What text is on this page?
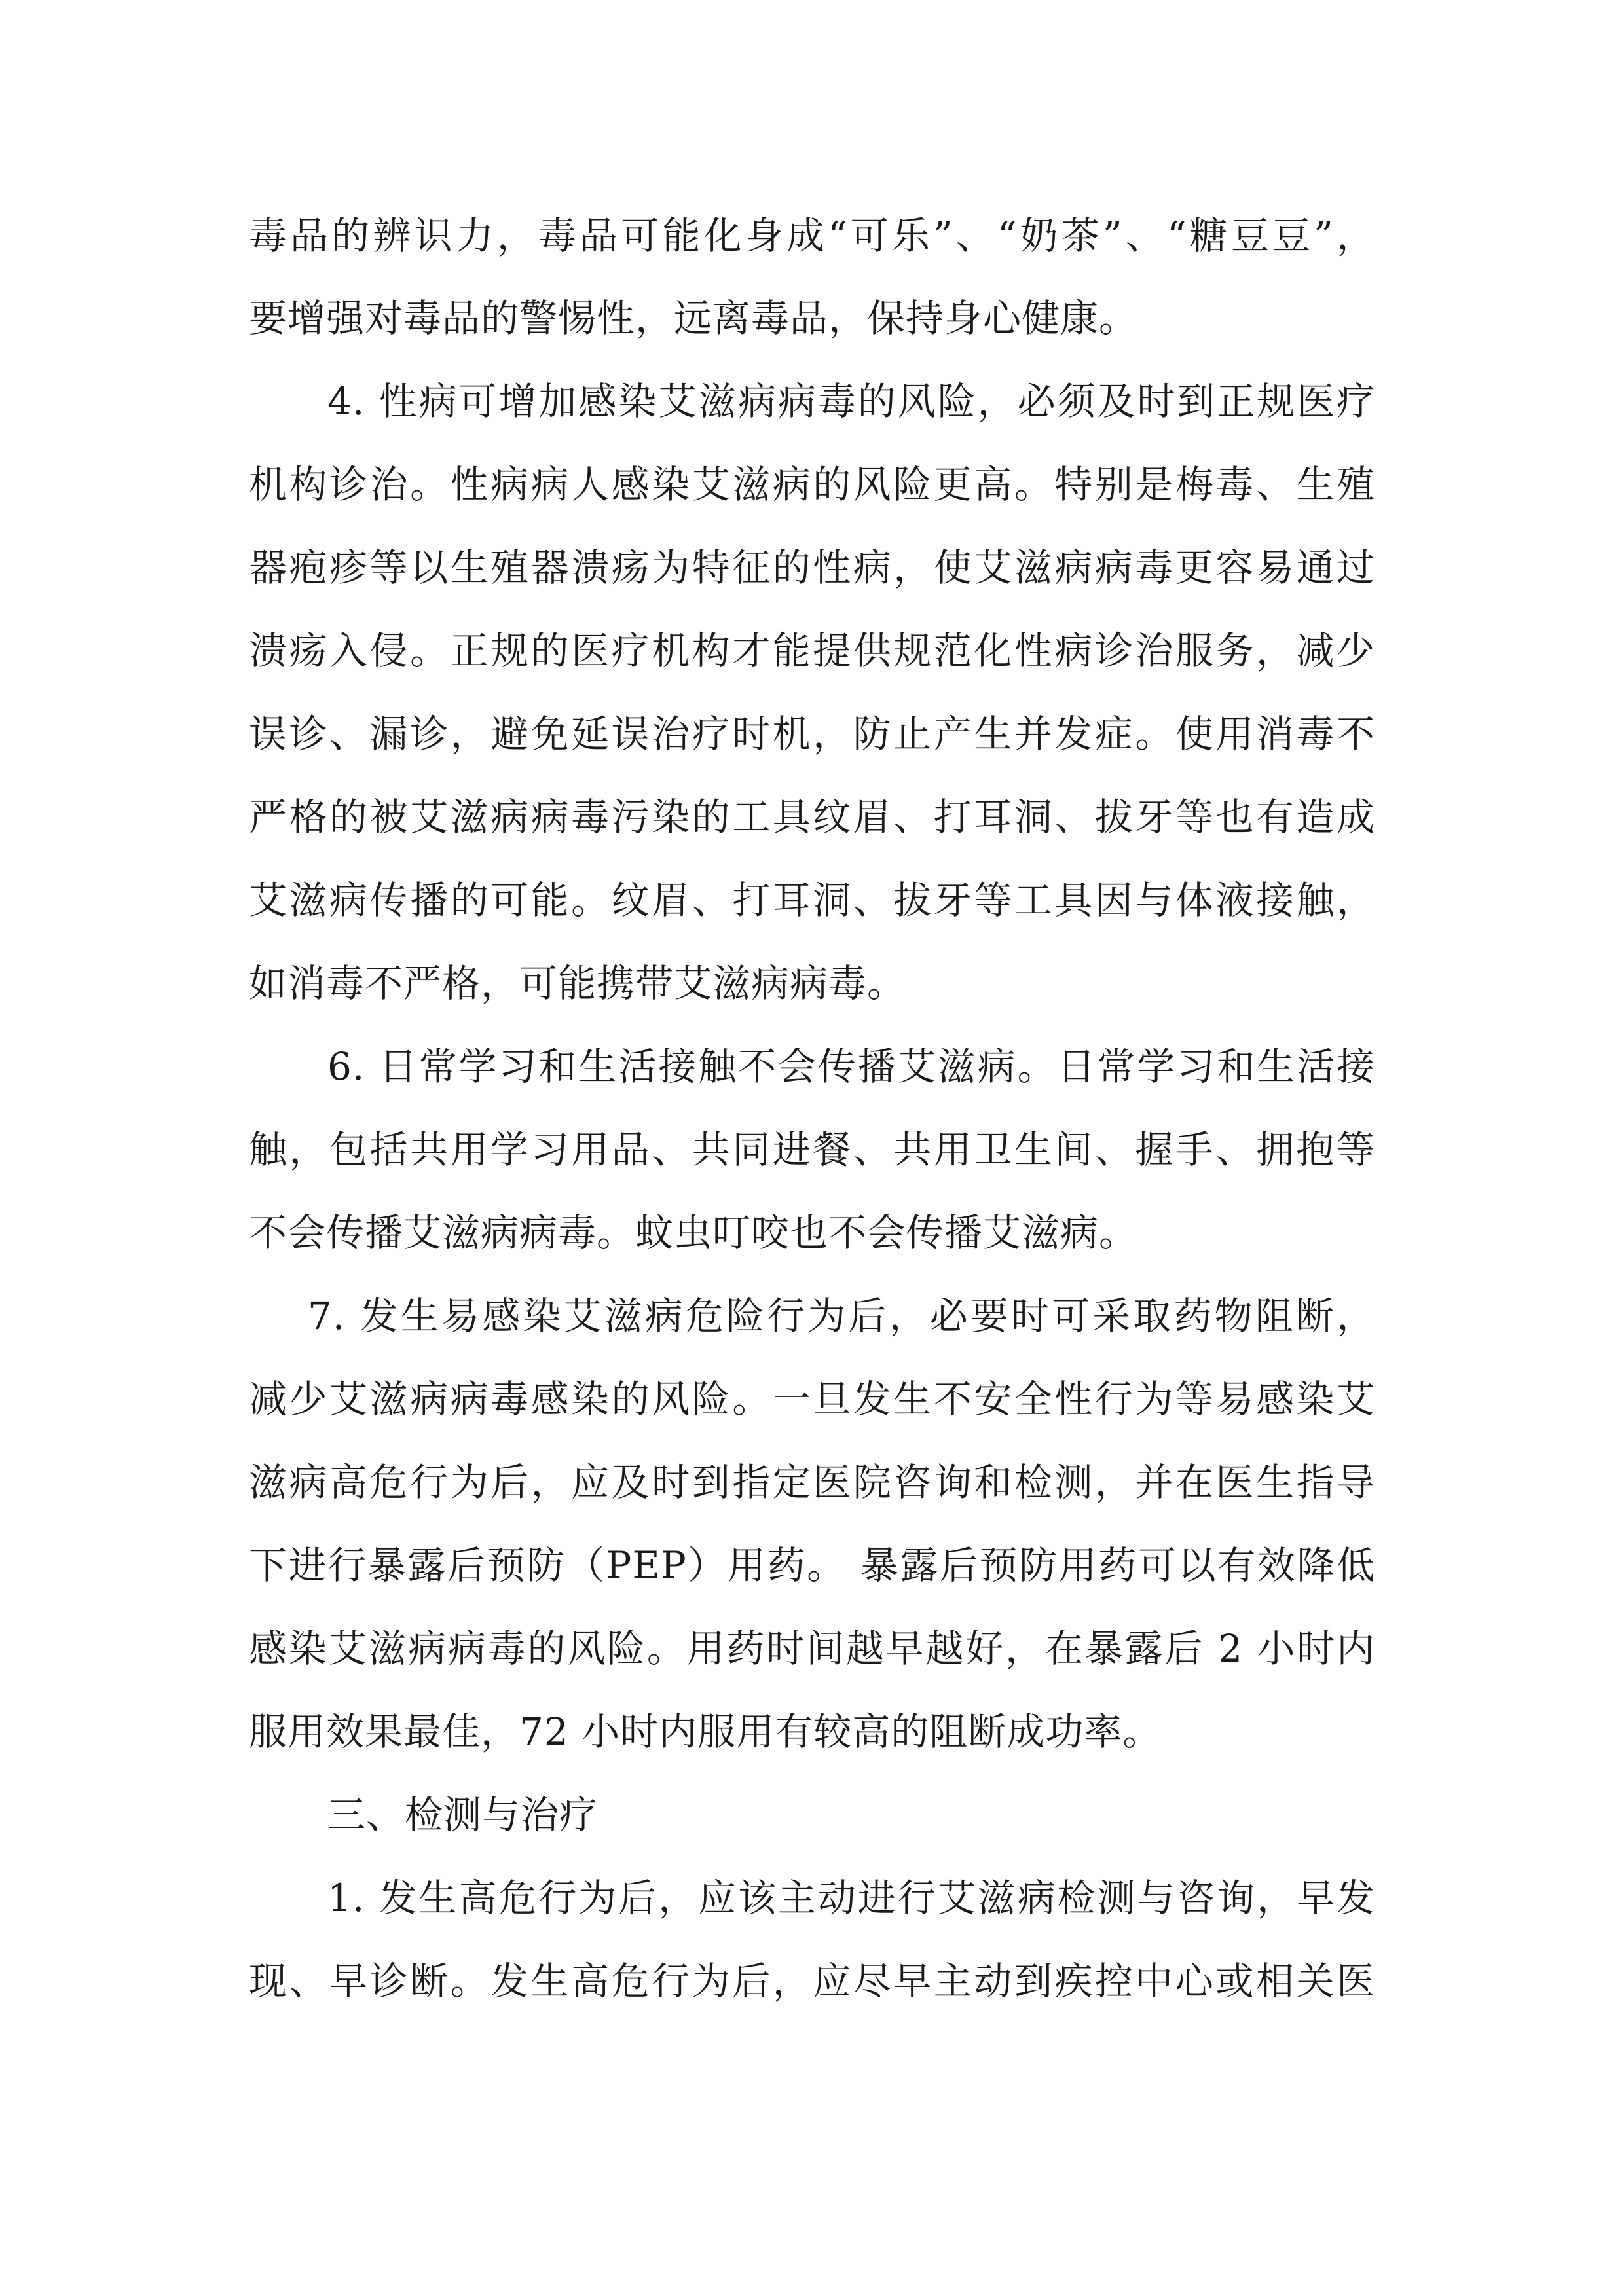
毒品的辨识力，毒品可能化身成“可乐”、“奶茶”、“糖豆豆”，
要增强对毒品的警惕性，远离毒品，保持身心健康。
4. 性病可增加感染艾滋病病毒的风险，必须及时到正规医疗
机构诊治。性病病人感染艾滋病的风险更高。特别是梅毒、生殖
器疱疹等以生殖器溃疡为特征的性病，使艾滋病病毒更容易通过
溃疡入侵。正规的医疗机构才能提供规范化性病诊治服务，减少
误诊、漏诊，避免延误治疗时机，防止产生并发症。使用消毒不
严格的被艾滋病病毒污染的工具纹眉、打耳洞、拔牙等也有造成
艾滋病传播的可能。纹眉、打耳洞、拔牙等工具因与体液接触，
如消毒不严格，可能携带艾滋病病毒。
6. 日常学习和生活接触不会传播艾滋病。日常学习和生活接
触，包括共用学习用品、共同进餐、共用卫生间、握手、拥抱等
不会传播艾滋病病毒。蚊虫叮咬也不会传播艾滋病。
7. 发生易感染艾滋病危险行为后，必要时可采取药物阻断，
减少艾滋病病毒感染的风险。一旦发生不安全性行为等易感染艾
滋病高危行为后，应及时到指定医院咨询和检测，并在医生指导
下进行暴露后预防（PEP）用药。 暴露后预防用药可以有效降低
感染艾滋病病毒的风险。用药时间越早越好，在暴露后 2 小时内
服用效果最佳，72 小时内服用有较高的阻断成功率。
三、检测与治疗
1. 发生高危行为后，应该主动进行艾滋病检测与咨询，早发
现、早诊断。发生高危行为后，应尽早主动到疾控中心或相关医
